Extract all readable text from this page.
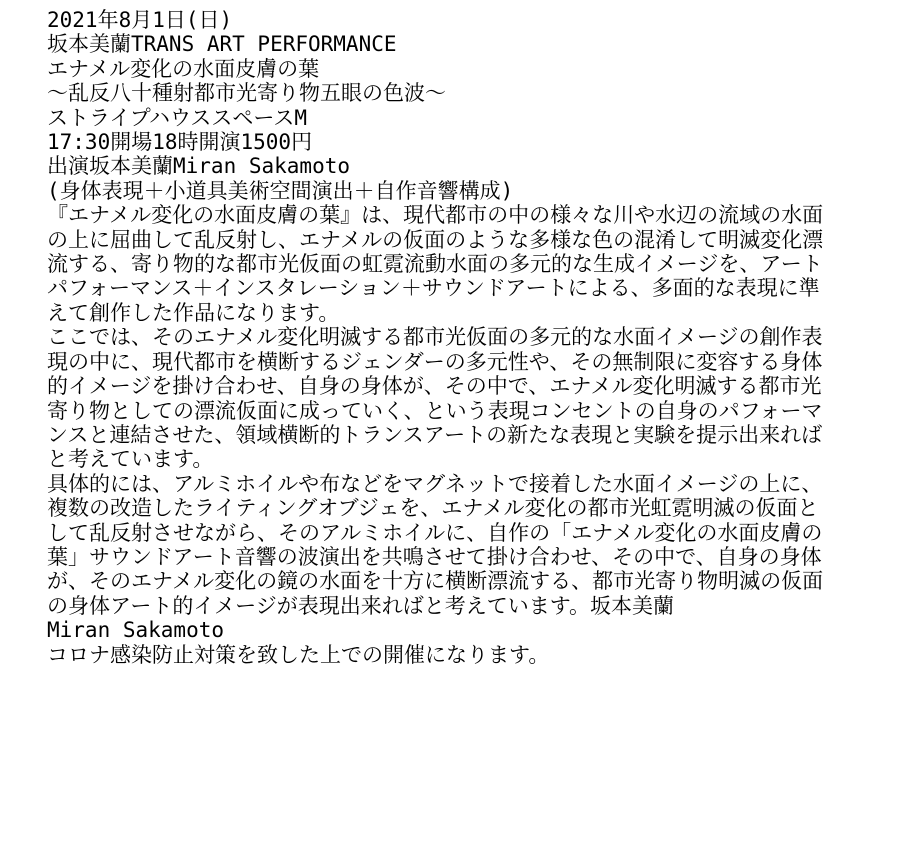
2021年8月1日(日)
坂本美蘭TRANS ART PERFORMANCE
エナメル変化の水面皮膚の葉
～乱反八十種射都市光寄り物五眼の色波～
ストライプハウススペースM
17:30開場18時開演1500円
出演坂本美蘭Miran Sakamoto
(身体表現＋小道具美術空間演出＋自作音響構成)
『エナメル変化の水面皮膚の葉』は、現代都市の中の様々な川や水辺の流域の水面の上に屈曲して乱反射し、エナメルの仮面のような多様な色の混淆して明滅変化漂流する、寄り物的な都市光仮面の虹霓流動水面の多元的な生成イメージを、アートパフォーマンス＋インスタレーション＋サウンドアートによる、多面的な表現に準えて創作した作品になります。
ここでは、そのエナメル変化明滅する都市光仮面の多元的な水面イメージの創作表現の中に、現代都市を横断するジェンダーの多元性や、その無制限に変容する身体的イメージを掛け合わせ、自身の身体が、その中で、エナメル変化明滅する都市光寄り物としての漂流仮面に成っていく、という表現コンセントの自身のパフォーマンスと連結させた、領域横断的トランスアートの新たな表現と実験を提示出来ればと考えています。
具体的には、アルミホイルや布などをマグネットで接着した水面イメージの上に、複数の改造したライティングオブジェを、エナメル変化の都市光虹霓明滅の仮面として乱反射させながら、そのアルミホイルに、自作の「エナメル変化の水面皮膚の葉」サウンドアート音響の波演出を共鳴させて掛け合わせ、その中で、自身の身体が、そのエナメル変化の鏡の水面を十方に横断漂流する、都市光寄り物明滅の仮面の身体アート的イメージが表現出来ればと考えています。坂本美蘭
Miran Sakamoto
コロナ感染防止対策を致した上での開催になります。
